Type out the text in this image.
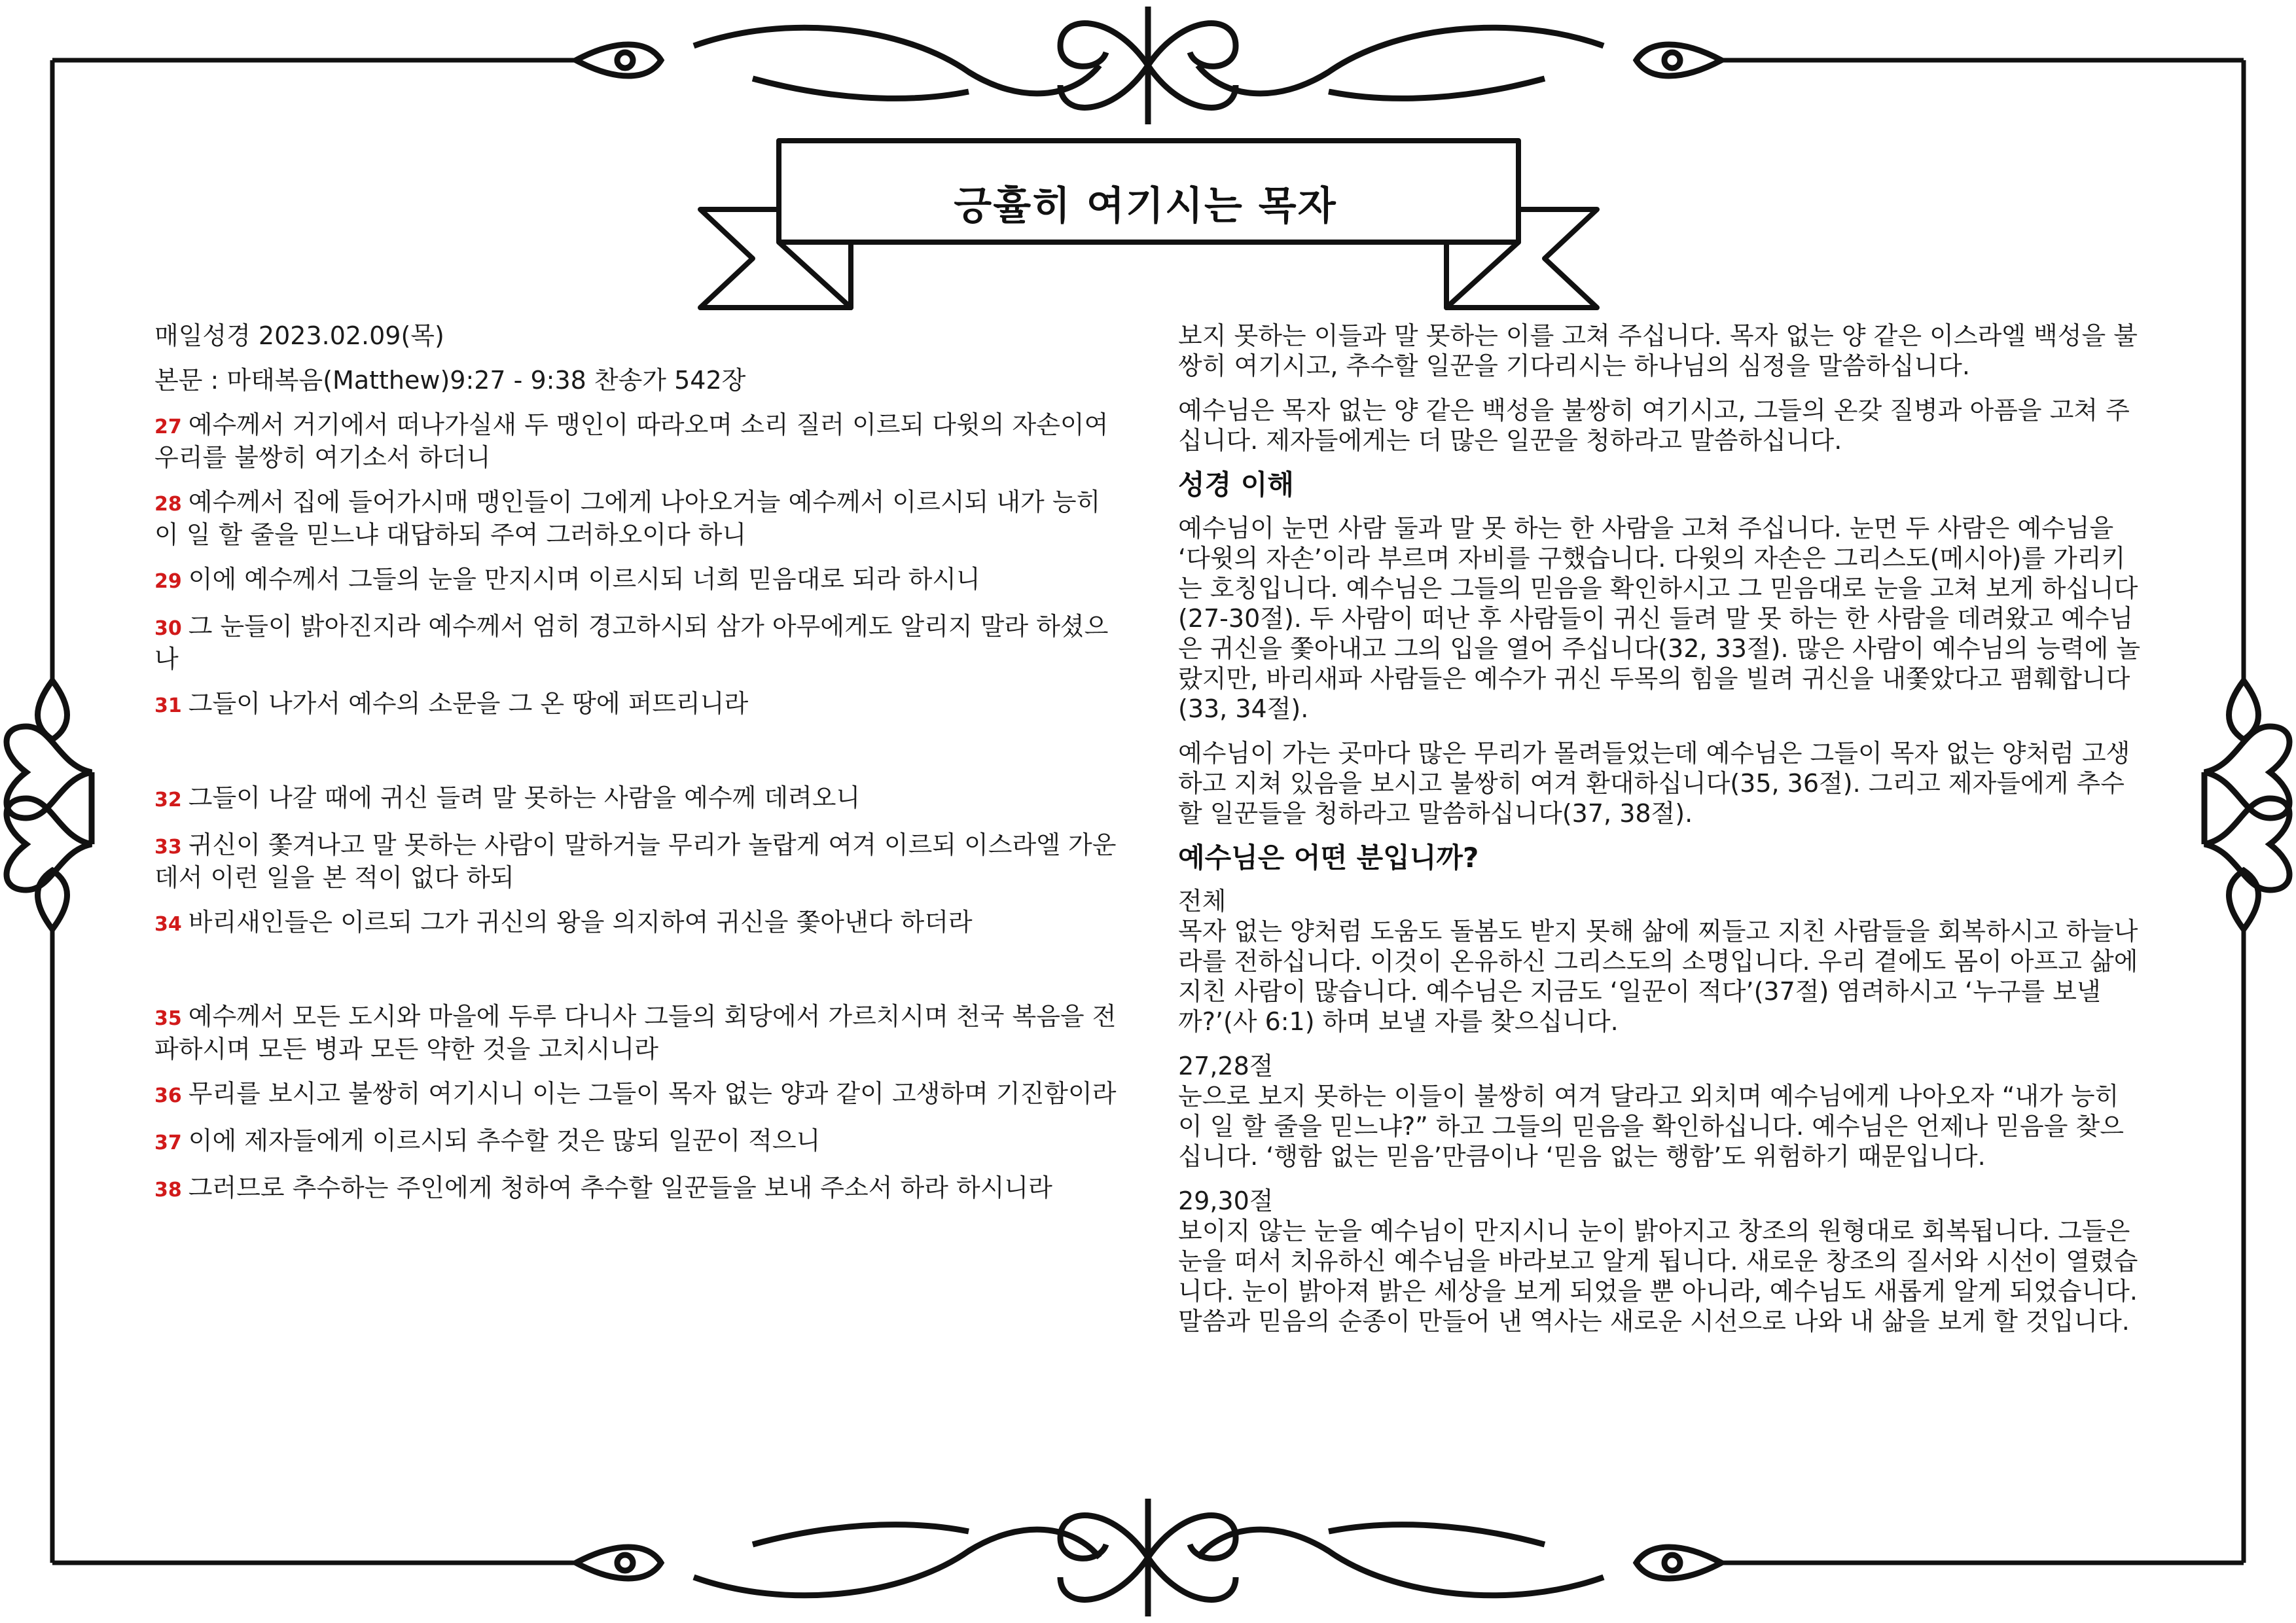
긍휼히 여기시는 목자
매일성경 2023.02.09(목)
본문 : 마태복음(Matthew)9:27 - 9:38 찬송가 542장
27 예수께서 거기에서 떠나가실새 두 맹인이 따라오며 소리 질러 이르되 다윗의 자손이여 우리를 불쌍히 여기소서 하더니
28 예수께서 집에 들어가시매 맹인들이 그에게 나아오거늘 예수께서 이르시되 내가 능히 이 일 할 줄을 믿느냐 대답하되 주여 그러하오이다 하니
29 이에 예수께서 그들의 눈을 만지시며 이르시되 너희 믿음대로 되라 하시니
30 그 눈들이 밝아진지라 예수께서 엄히 경고하시되 삼가 아무에게도 알리지 말라 하셨으나
31 그들이 나가서 예수의 소문을 그 온 땅에 퍼뜨리니라
32 그들이 나갈 때에 귀신 들려 말 못하는 사람을 예수께 데려오니
33 귀신이 쫓겨나고 말 못하는 사람이 말하거늘 무리가 놀랍게 여겨 이르되 이스라엘 가운데서 이런 일을 본 적이 없다 하되
34 바리새인들은 이르되 그가 귀신의 왕을 의지하여 귀신을 쫓아낸다 하더라
35 예수께서 모든 도시와 마을에 두루 다니사 그들의 회당에서 가르치시며 천국 복음을 전파하시며 모든 병과 모든 약한 것을 고치시니라
36 무리를 보시고 불쌍히 여기시니 이는 그들이 목자 없는 양과 같이 고생하며 기진함이라
37 이에 제자들에게 이르시되 추수할 것은 많되 일꾼이 적으니
38 그러므로 추수하는 주인에게 청하여 추수할 일꾼들을 보내 주소서 하라 하시니라
보지 못하는 이들과 말 못하는 이를 고쳐 주십니다. 목자 없는 양 같은 이스라엘 백성을 불쌍히 여기시고, 추수할 일꾼을 기다리시는 하나님의 심정을 말씀하십니다.
예수님은 목자 없는 양 같은 백성을 불쌍히 여기시고, 그들의 온갖 질병과 아픔을 고쳐 주십니다. 제자들에게는 더 많은 일꾼을 청하라고 말씀하십니다.
성경 이해
예수님이 눈먼 사람 둘과 말 못 하는 한 사람을 고쳐 주십니다. 눈먼 두 사람은 예수님을 ‘다윗의 자손’이라 부르며 자비를 구했습니다. 다윗의 자손은 그리스도(메시아)를 가리키는 호칭입니다. 예수님은 그들의 믿음을 확인하시고 그 믿음대로 눈을 고쳐 보게 하십니다(27-30절). 두 사람이 떠난 후 사람들이 귀신 들려 말 못 하는 한 사람을 데려왔고 예수님은 귀신을 쫓아내고 그의 입을 열어 주십니다(32, 33절). 많은 사람이 예수님의 능력에 놀랐지만, 바리새파 사람들은 예수가 귀신 두목의 힘을 빌려 귀신을 내쫓았다고 폄훼합니다(33, 34절).
예수님이 가는 곳마다 많은 무리가 몰려들었는데 예수님은 그들이 목자 없는 양처럼 고생하고 지쳐 있음을 보시고 불쌍히 여겨 환대하십니다(35, 36절). 그리고 제자들에게 추수할 일꾼들을 청하라고 말씀하십니다(37, 38절).
예수님은 어떤 분입니까?
전체
목자 없는 양처럼 도움도 돌봄도 받지 못해 삶에 찌들고 지친 사람들을 회복하시고 하늘나라를 전하십니다. 이것이 온유하신 그리스도의 소명입니다. 우리 곁에도 몸이 아프고 삶에 지친 사람이 많습니다. 예수님은 지금도 ‘일꾼이 적다’(37절) 염려하시고 ‘누구를 보낼까?’(사 6:1) 하며 보낼 자를 찾으십니다.
27,28절
눈으로 보지 못하는 이들이 불쌍히 여겨 달라고 외치며 예수님에게 나아오자 “내가 능히 이 일 할 줄을 믿느냐?” 하고 그들의 믿음을 확인하십니다. 예수님은 언제나 믿음을 찾으십니다. ‘행함 없는 믿음’만큼이나 ‘믿음 없는 행함’도 위험하기 때문입니다.
29,30절
보이지 않는 눈을 예수님이 만지시니 눈이 밝아지고 창조의 원형대로 회복됩니다. 그들은 눈을 떠서 치유하신 예수님을 바라보고 알게 됩니다. 새로운 창조의 질서와 시선이 열렸습니다. 눈이 밝아져 밝은 세상을 보게 되었을 뿐 아니라, 예수님도 새롭게 알게 되었습니다. 말씀과 믿음의 순종이 만들어 낸 역사는 새로운 시선으로 나와 내 삶을 보게 할 것입니다.
